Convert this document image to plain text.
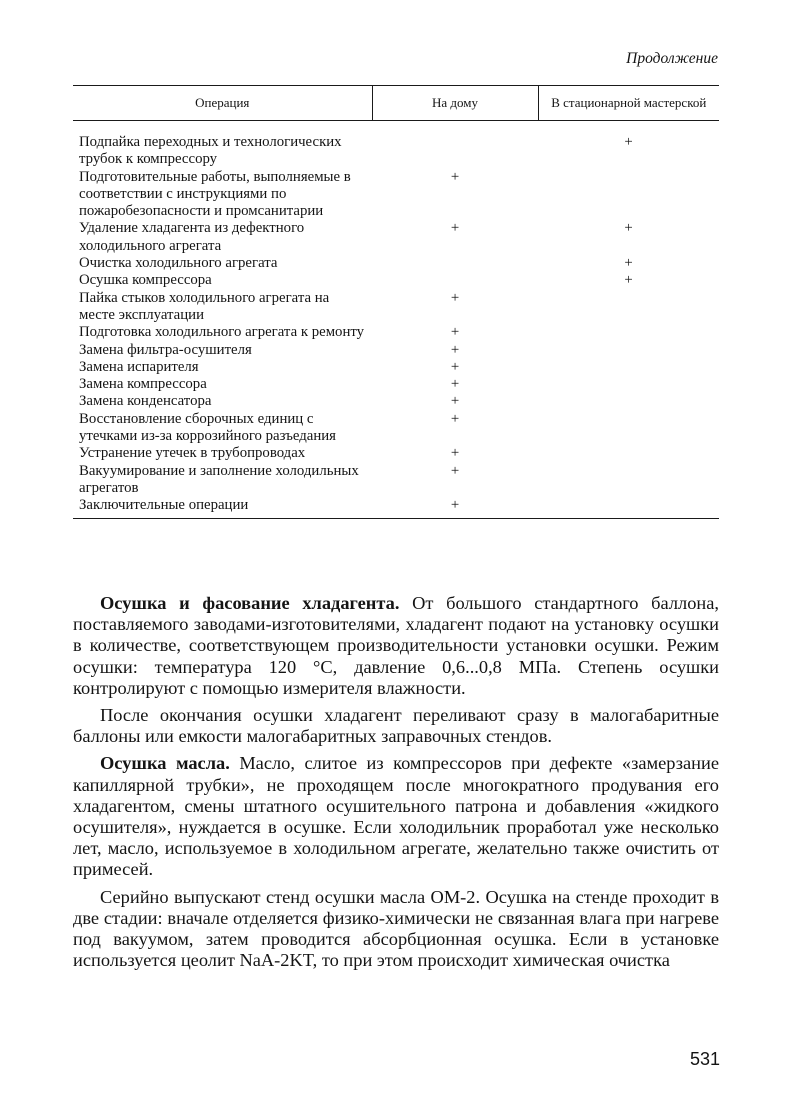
Продолжение
Операция	На дому	В стационарной мастерской

Подпайка переходных и технологических трубок к компрессору		+
Подготовительные работы, выполняемые в соответствии с инструкциями по пожаробезопасности и промсанитарии	+	
Удаление хладагента из дефектного холодильного агрегата	+	+
Очистка холодильного агрегата		+
Осушка компрессора		+
Пайка стыков холодильного агрегата на месте эксплуатации	+	
Подготовка холодильного агрегата к ремонту	+	
Замена фильтра-осушителя	+	
Замена испарителя	+	
Замена компрессора	+	
Замена конденсатора	+	
Восстановление сборочных единиц с утечками из-за коррозийного разъедания	+	
Устранение утечек в трубопроводах	+	
Вакуумирование и заполнение холодильных агрегатов	+	
Заключительные операции	+	

Осушка и фасование хладагента. От большого стандартного баллона, поставляемого заводами-изготовителями, хладагент подают на установку осушки в количестве, соответствующем производительности установки осушки. Режим осушки: температура 120 °С, давление 0,6...0,8 МПа. Степень осушки контролируют с помощью измерителя влажности.

После окончания осушки хладагент переливают сразу в малогабаритные баллоны или емкости малогабаритных заправочных стендов.

Осушка масла. Масло, слитое из компрессоров при дефекте «замерзание капиллярной трубки», не проходящем после многократного продувания его хладагентом, смены штатного осушительного патрона и добавления «жидкого осушителя», нуждается в осушке. Если холодильник проработал уже несколько лет, масло, используемое в холодильном агрегате, желательно также очистить от примесей.

Серийно выпускают стенд осушки масла ОМ-2. Осушка на стенде проходит в две стадии: вначале отделяется физико-химически не связанная влага при нагреве под вакуумом, затем проводится абсорбционная осушка. Если в установке используется цеолит NaA-2KT, то при этом происходит химическая очистка

531
